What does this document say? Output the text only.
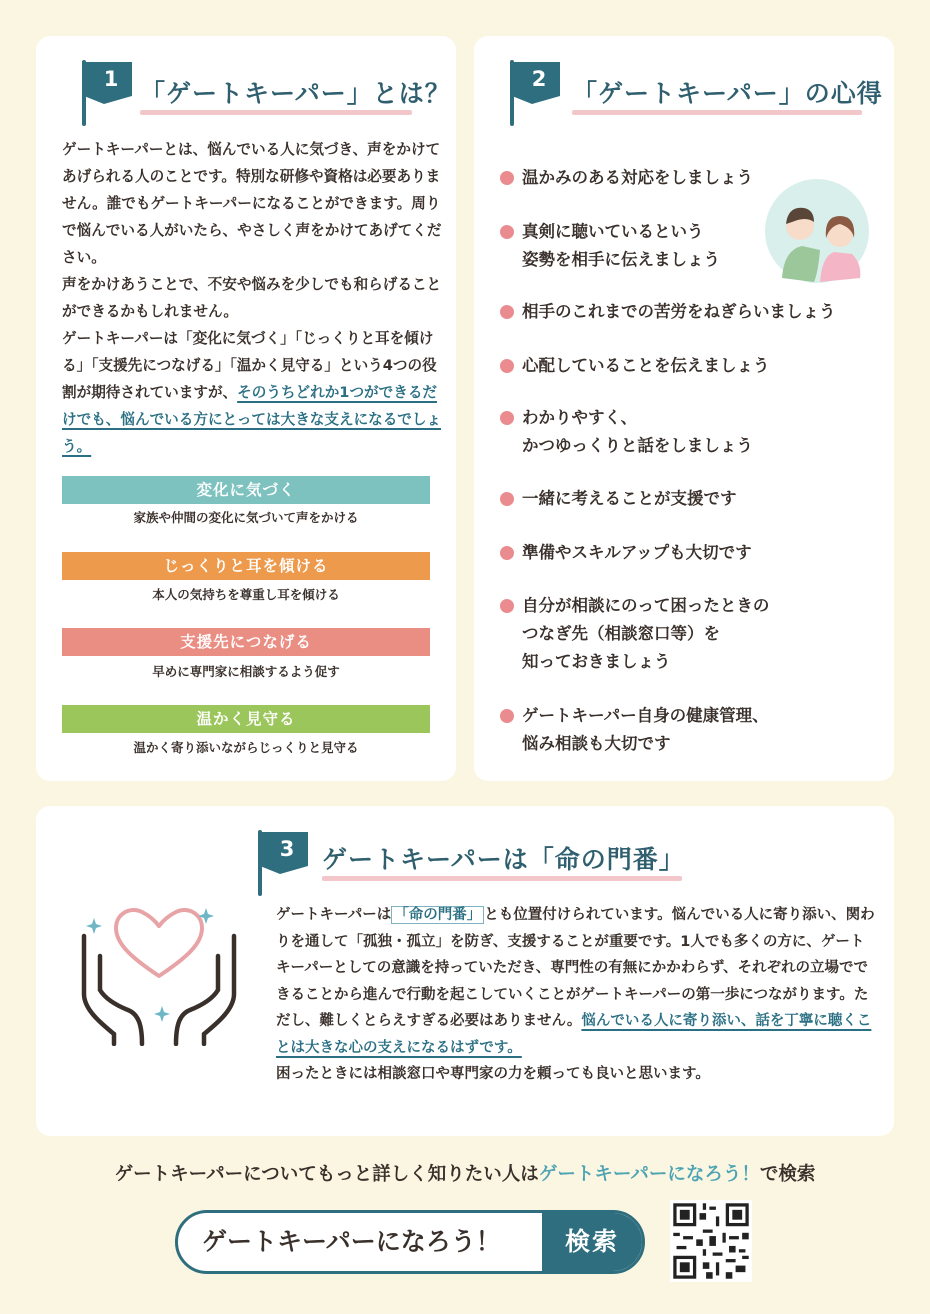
1 「ゲートキーパー」とは？

ゲートキーパーとは、悩んでいる人に気づき、声をかけてあげられる人のことです。特別な研修や資格は必要ありません。誰でもゲートキーパーになることができます。周りで悩んでいる人がいたら、やさしく声をかけてあげてください。

声をかけあうことで、不安や悩みを少しでも和らげることができるかもしれません。

ゲートキーパーは「変化に気づく」「じっくりと耳を傾ける」「支援先につなげる」「温かく見守る」という4つの役割が期待されていますが、そのうちどれか1つができるだけでも、悩んでいる方にとっては大きな支えになるでしょう。

変化に気づく
家族や仲間の変化に気づいて声をかける
じっくりと耳を傾ける
本人の気持ちを尊重し耳を傾ける
支援先につなげる
早めに専門家に相談するよう促す
温かく見守る
温かく寄り添いながらじっくりと見守る
2	「ゲートキーパー」の心得
温かみのある対応をしましょう
真剣に聴いているという
姿勢を相手に伝えましょう
相手のこれまでの苦労をねぎらいましょう
心配していることを伝えましょう
わかりやすく、
かつゆっくりと話をしましょう
一緒に考えることが支援です
準備やスキルアップも大切です
自分が相談にのって困ったときの
つなぎ先（相談窓口等）を
知っておきましょう
ゲートキーパー自身の健康管理、
悩み相談も大切です
3	ゲートキーパーは「命の門番」
ゲートキーパーは 「命の門番」 とも位置付けられています。悩んでいる人に寄り添い、関わりを通して「孤独・孤立」を防ぎ、支援することが重要です。1人でも多くの方に、ゲートキーパーとしての意識を持っていただき、専門性の有無にかかわらず、それぞれの立場でできることから進んで行動を起こしていくことがゲートキーパーの第一歩につながります。ただし、難しくとらえすぎる必要はありません。悩んでいる人に寄り添い、話を丁寧に聴くことは大きな心の支えになるはずです。
困ったときには相談窓口や専門家の力を頼っても良いと思います。
ゲートキーパーについてもっと詳しく知りたい人はゲートキーパーになろう！で検索
ゲートキーパーになろう！	検索
